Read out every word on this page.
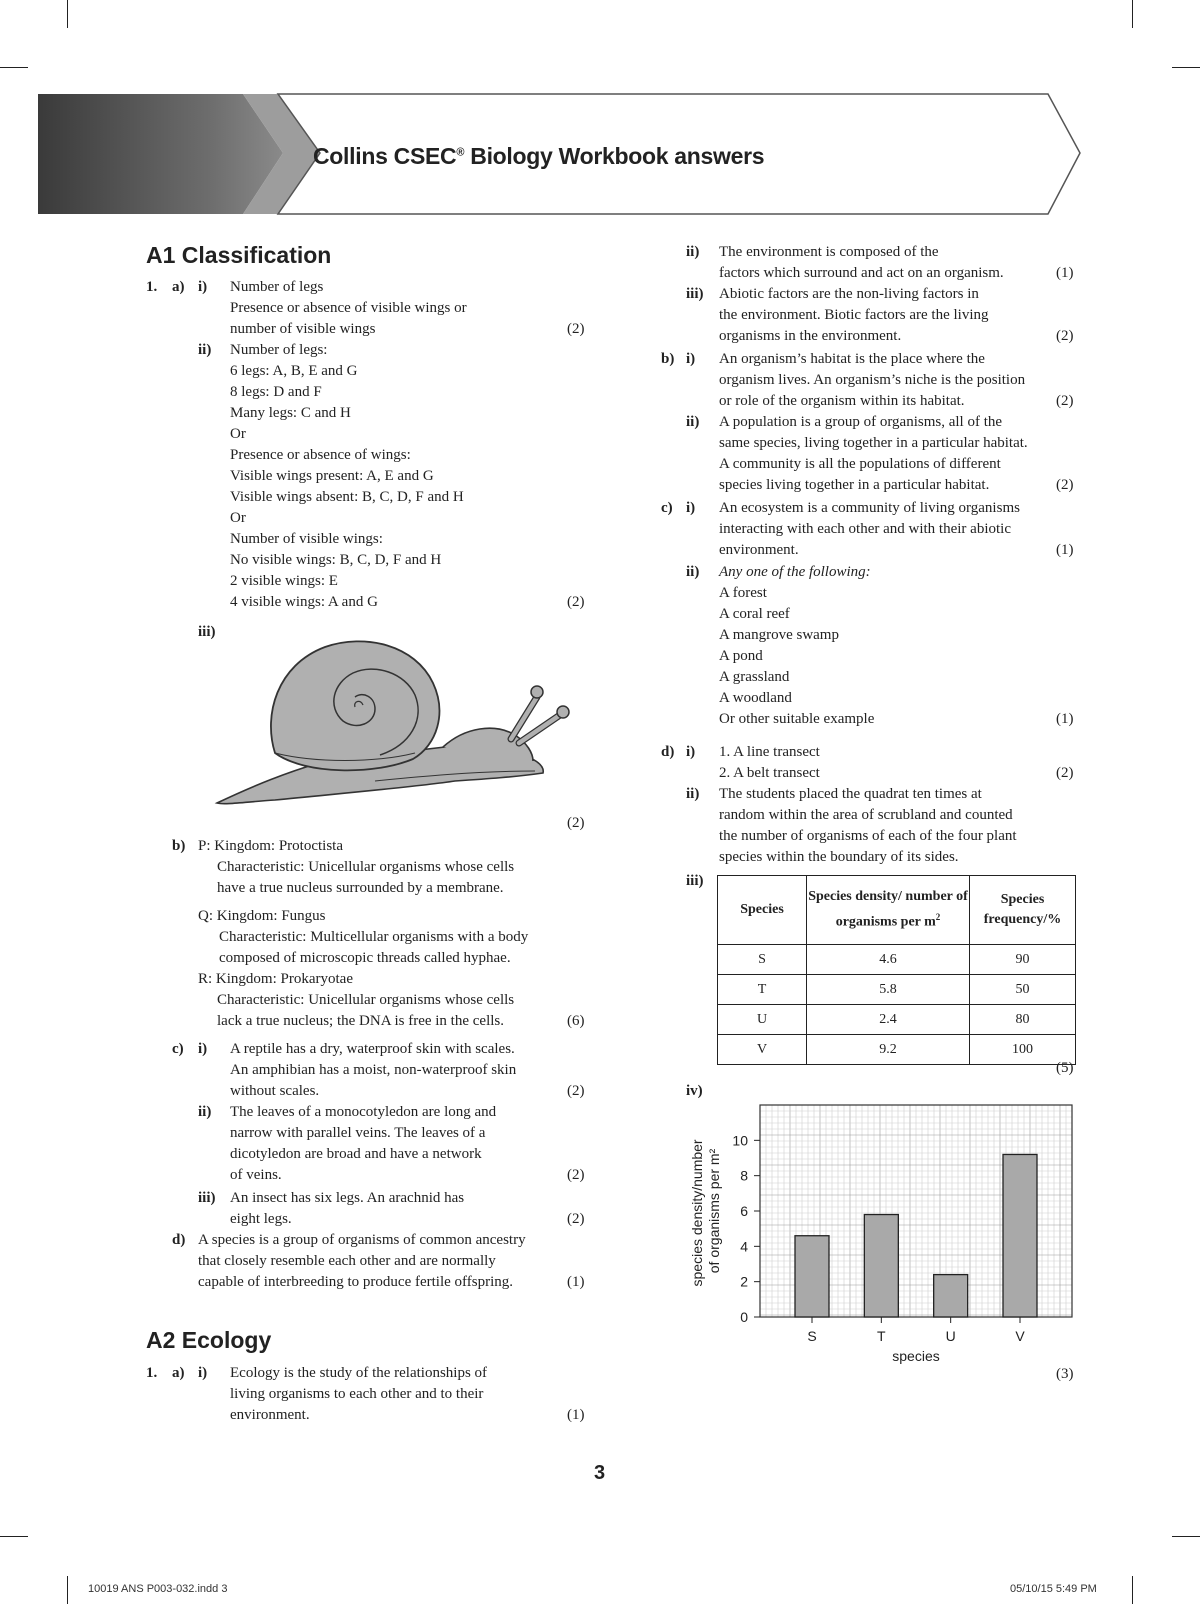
Collins CSEC® Biology Workbook answers
A1 Classification
1. a) i) Number of legs
Presence or absence of visible wings or
number of visible wings	(2)
ii) Number of legs:
6 legs: A, B, E and G
8 legs: D and F
Many legs: C and H
Or
Presence or absence of wings:
Visible wings present: A, E and G
Visible wings absent: B, C, D, F and H
Or
Number of visible wings:
No visible wings: B, C, D, F and H
2 visible wings: E
4 visible wings: A and G	(2)
iii)
(2)
b) P: Kingdom: Protoctista
Characteristic: Unicellular organisms whose cells
have a true nucleus surrounded by a membrane.
Q: Kingdom: Fungus
Characteristic: Multicellular organisms with a body
composed of microscopic threads called hyphae.
R: Kingdom: Prokaryotae
Characteristic: Unicellular organisms whose cells
lack a true nucleus; the DNA is free in the cells.	(6)
c) i) A reptile has a dry, waterproof skin with scales.
An amphibian has a moist, non-waterproof skin
without scales.	(2)
ii) The leaves of a monocotyledon are long and
narrow with parallel veins. The leaves of a
dicotyledon are broad and have a network
of veins.	(2)
iii) An insect has six legs. An arachnid has
eight legs.	(2)
d) A species is a group of organisms of common ancestry
that closely resemble each other and are normally
capable of interbreeding to produce fertile offspring.	(1)
A2 Ecology
1. a) i) Ecology is the study of the relationships of
living organisms to each other and to their
environment.	(1)
ii) The environment is composed of the
factors which surround and act on an organism.	(1)
iii) Abiotic factors are the non-living factors in
the environment. Biotic factors are the living
organisms in the environment.	(2)
b) i) An organism’s habitat is the place where the
organism lives. An organism’s niche is the position
or role of the organism within its habitat.	(2)
ii) A population is a group of organisms, all of the
same species, living together in a particular habitat.
A community is all the populations of different
species living together in a particular habitat.	(2)
c) i) An ecosystem is a community of living organisms
interacting with each other and with their abiotic
environment.	(1)
ii) Any one of the following:
A forest
A coral reef
A mangrove swamp
A pond
A grassland
A woodland
Or other suitable example	(1)
d) i) 1. A line transect
2. A belt transect	(2)
ii) The students placed the quadrat ten times at
random within the area of scrubland and counted
the number of organisms of each of the four plant
species within the boundary of its sides.
iii)
Species	Species density/ number of organisms per $m^2$	Species frequency/%
S	4.6	90
T	5.8	50
U	2.4	80
V	9.2	100
(5)
iv)
S	T	U	V
0
2
4
6
8
10
species
species density/number of organisms per m²
(3)
3
10019 ANS P003-032.indd 3	05/10/15 5:49 PM
